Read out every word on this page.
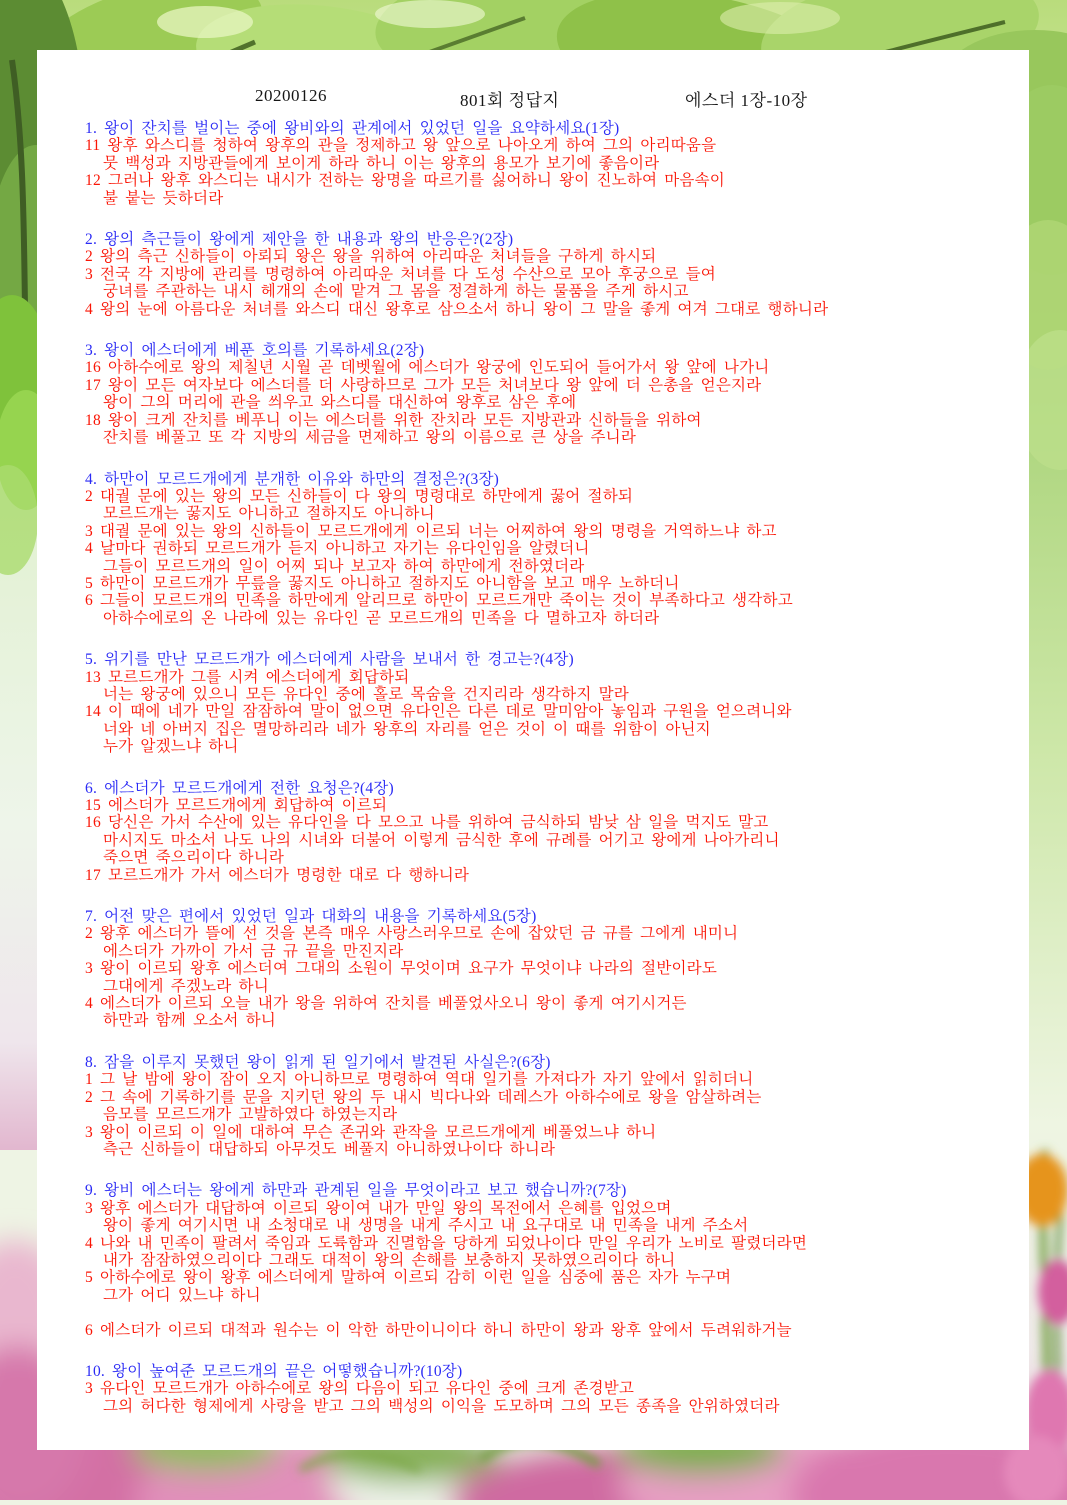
20200126	801회 정답지	에스더 1장-10장
1. 왕이 잔치를 벌이는 중에 왕비와의 관계에서 있었던 일을 요약하세요(1장)
11 왕후 와스디를 청하여 왕후의 관을 정제하고 왕 앞으로 나아오게 하여 그의 아리따움을
뭇 백성과 지방관들에게 보이게 하라 하니 이는 왕후의 용모가 보기에 좋음이라
12 그러나 왕후 와스디는 내시가 전하는 왕명을 따르기를 싫어하니 왕이 진노하여 마음속이
불 붙는 듯하더라
2. 왕의 측근들이 왕에게 제안을 한 내용과 왕의 반응은?(2장)
2 왕의 측근 신하들이 아뢰되 왕은 왕을 위하여 아리따운 처녀들을 구하게 하시되
3 전국 각 지방에 관리를 명령하여 아리따운 처녀를 다 도성 수산으로 모아 후궁으로 들여
궁녀를 주관하는 내시 헤개의 손에 맡겨 그 몸을 정결하게 하는 물품을 주게 하시고
4 왕의 눈에 아름다운 처녀를 와스디 대신 왕후로 삼으소서 하니 왕이 그 말을 좋게 여겨 그대로 행하니라
3. 왕이 에스더에게 베푼 호의를 기록하세요(2장)
16 아하수에로 왕의 제칠년 시월 곧 데벳월에 에스더가 왕궁에 인도되어 들어가서 왕 앞에 나가니
17 왕이 모든 여자보다 에스더를 더 사랑하므로 그가 모든 처녀보다 왕 앞에 더 은총을 얻은지라
왕이 그의 머리에 관을 씌우고 와스디를 대신하여 왕후로 삼은 후에
18 왕이 크게 잔치를 베푸니 이는 에스더를 위한 잔치라 모든 지방관과 신하들을 위하여
잔치를 베풀고 또 각 지방의 세금을 면제하고 왕의 이름으로 큰 상을 주니라
4. 하만이 모르드개에게 분개한 이유와 하만의 결정은?(3장)
2 대궐 문에 있는 왕의 모든 신하들이 다 왕의 명령대로 하만에게 꿇어 절하되
모르드개는 꿇지도 아니하고 절하지도 아니하니
3 대궐 문에 있는 왕의 신하들이 모르드개에게 이르되 너는 어찌하여 왕의 명령을 거역하느냐 하고
4 날마다 권하되 모르드개가 듣지 아니하고 자기는 유다인임을 알렸더니
그들이 모르드개의 일이 어찌 되나 보고자 하여 하만에게 전하였더라
5 하만이 모르드개가 무릎을 꿇지도 아니하고 절하지도 아니함을 보고 매우 노하더니
6 그들이 모르드개의 민족을 하만에게 알리므로 하만이 모르드개만 죽이는 것이 부족하다고 생각하고
아하수에로의 온 나라에 있는 유다인 곧 모르드개의 민족을 다 멸하고자 하더라
5. 위기를 만난 모르드개가 에스더에게 사람을 보내서 한 경고는?(4장)
13 모르드개가 그를 시켜 에스더에게 회답하되
너는 왕궁에 있으니 모든 유다인 중에 홀로 목숨을 건지리라 생각하지 말라
14 이 때에 네가 만일 잠잠하여 말이 없으면 유다인은 다른 데로 말미암아 놓임과 구원을 얻으려니와
너와 네 아버지 집은 멸망하리라 네가 왕후의 자리를 얻은 것이 이 때를 위함이 아닌지
누가 알겠느냐 하니
6. 에스더가 모르드개에게 전한 요청은?(4장)
15 에스더가 모르드개에게 회답하여 이르되
16 당신은 가서 수산에 있는 유다인을 다 모으고 나를 위하여 금식하되 밤낮 삼 일을 먹지도 말고
마시지도 마소서 나도 나의 시녀와 더불어 이렇게 금식한 후에 규례를 어기고 왕에게 나아가리니
죽으면 죽으리이다 하니라
17 모르드개가 가서 에스더가 명령한 대로 다 행하니라
7. 어전 맞은 편에서 있었던 일과 대화의 내용을 기록하세요(5장)
2 왕후 에스더가 뜰에 선 것을 본즉 매우 사랑스러우므로 손에 잡았던 금 규를 그에게 내미니
에스더가 가까이 가서 금 규 끝을 만진지라
3 왕이 이르되 왕후 에스더여 그대의 소원이 무엇이며 요구가 무엇이냐 나라의 절반이라도
그대에게 주겠노라 하니
4 에스더가 이르되 오늘 내가 왕을 위하여 잔치를 베풀었사오니 왕이 좋게 여기시거든
하만과 함께 오소서 하니
8. 잠을 이루지 못했던 왕이 읽게 된 일기에서 발견된 사실은?(6장)
1 그 날 밤에 왕이 잠이 오지 아니하므로 명령하여 역대 일기를 가져다가 자기 앞에서 읽히더니
2 그 속에 기록하기를 문을 지키던 왕의 두 내시 빅다나와 데레스가 아하수에로 왕을 암살하려는
음모를 모르드개가 고발하였다 하였는지라
3 왕이 이르되 이 일에 대하여 무슨 존귀와 관작을 모르드개에게 베풀었느냐 하니
측근 신하들이 대답하되 아무것도 베풀지 아니하였나이다 하니라
9. 왕비 에스더는 왕에게 하만과 관계된 일을 무엇이라고 보고 했습니까?(7장)
3 왕후 에스더가 대답하여 이르되 왕이여 내가 만일 왕의 목전에서 은혜를 입었으며
왕이 좋게 여기시면 내 소청대로 내 생명을 내게 주시고 내 요구대로 내 민족을 내게 주소서
4 나와 내 민족이 팔려서 죽임과 도륙함과 진멸함을 당하게 되었나이다 만일 우리가 노비로 팔렸더라면
내가 잠잠하였으리이다 그래도 대적이 왕의 손해를 보충하지 못하였으리이다 하니
5 아하수에로 왕이 왕후 에스더에게 말하여 이르되 감히 이런 일을 심중에 품은 자가 누구며
그가 어디 있느냐 하니
6 에스더가 이르되 대적과 원수는 이 악한 하만이니이다 하니 하만이 왕과 왕후 앞에서 두려워하거늘
10. 왕이 높여준 모르드개의 끝은 어떻했습니까?(10장)
3 유다인 모르드개가 아하수에로 왕의 다음이 되고 유다인 중에 크게 존경받고
그의 허다한 형제에게 사랑을 받고 그의 백성의 이익을 도모하며 그의 모든 종족을 안위하였더라
